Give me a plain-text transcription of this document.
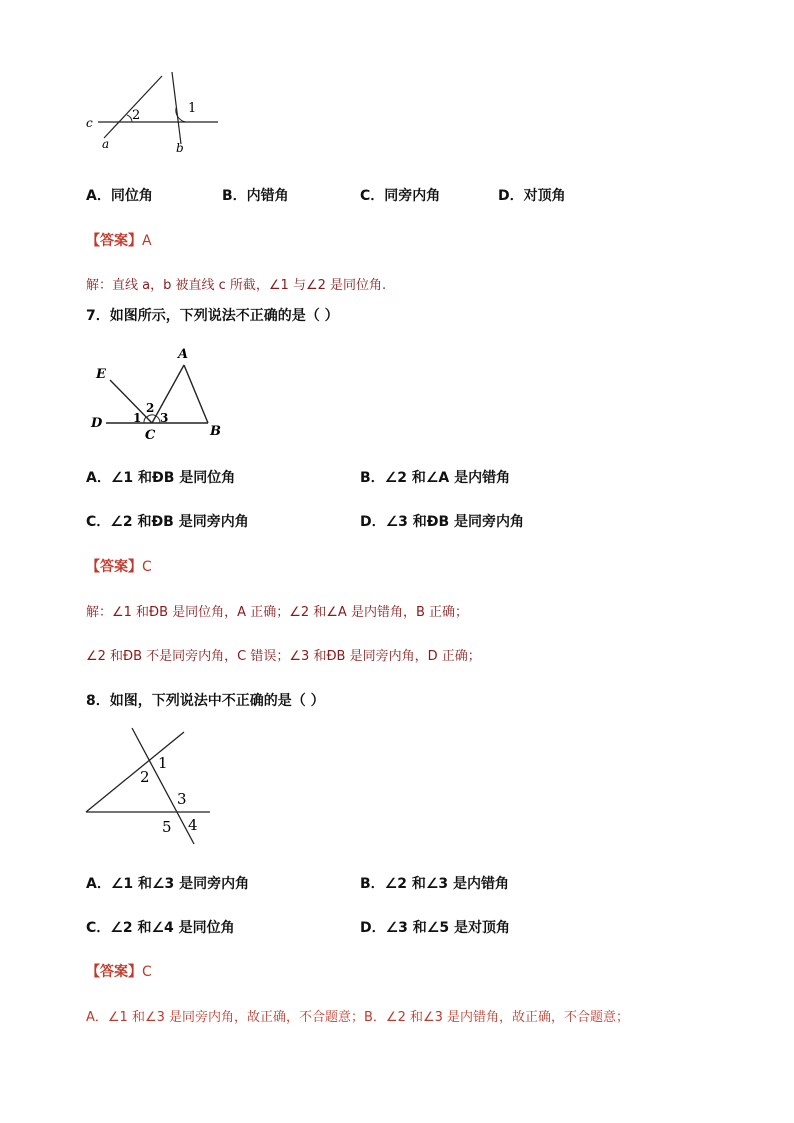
c
a	b
2	1
A．同位角	B．内错角	C．同旁内角	D．对顶角
【答案】A
解：直线 a，b 被直线 c 所截，∠1 与∠2 是同位角.
7．如图所示，下列说法不正确的是（ ）
E
A
D
C	B
1
2
3
A．∠1 和ÐB 是同位角	B．∠2 和∠A 是内错角
C．∠2 和ÐB 是同旁内角	D．∠3 和ÐB 是同旁内角
【答案】C
解：∠1 和ÐB 是同位角，A 正确；∠2 和∠A 是内错角，B 正确；
∠2 和ÐB 不是同旁内角，C 错误；∠3 和ÐB 是同旁内角，D 正确；
8．如图，下列说法中不正确的是（ ）
1
2
3
4
5
A．∠1 和∠3 是同旁内角	B．∠2 和∠3 是内错角
C．∠2 和∠4 是同位角	D．∠3 和∠5 是对顶角
【答案】C
A．∠1 和∠3 是同旁内角，故正确，不合题意；B．∠2 和∠3 是内错角，故正确，不合题意；
